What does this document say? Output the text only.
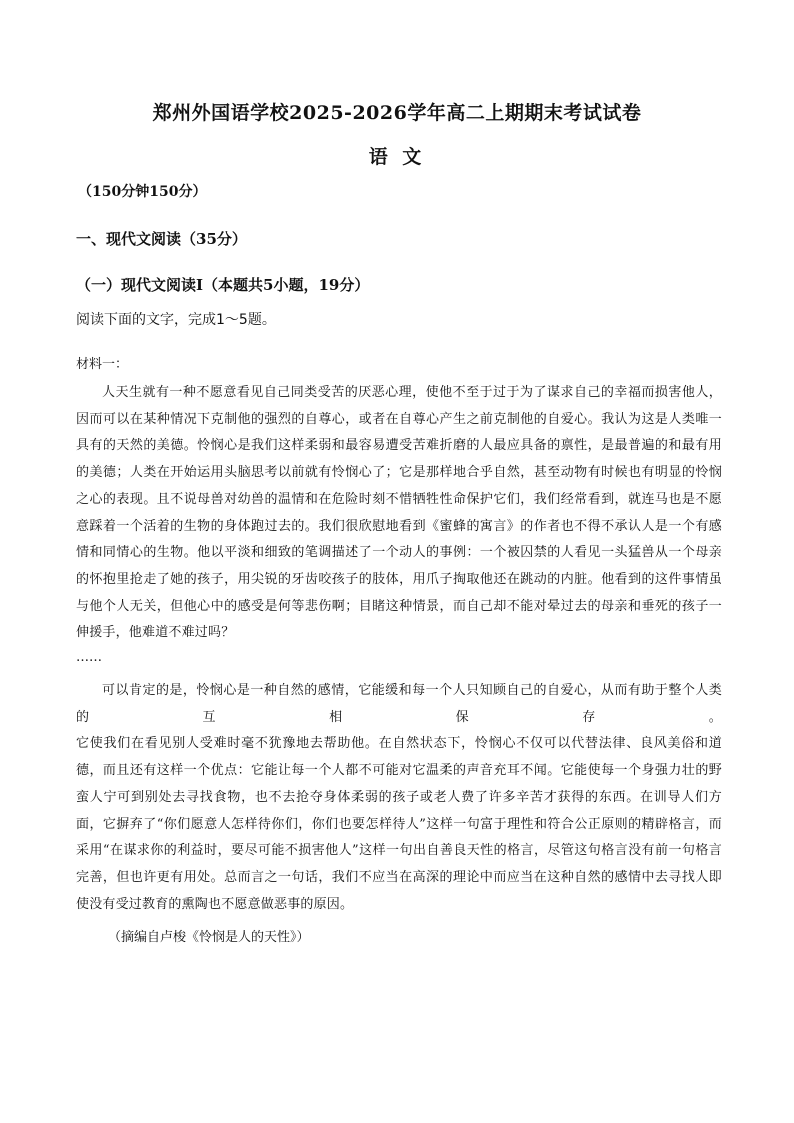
郑州外国语学校2025-2026学年高二上期期末考试试卷
语 文
（150分钟150分）
一、现代文阅读（35分）
（一）现代文阅读Ⅰ（本题共5小题，19分）
阅读下面的文字，完成1～5题。
材料一：

人天生就有一种不愿意看见自己同类受苦的厌恶心理，使他不至于过于为了谋求自己的幸福而损害他人，因而可以在某种情况下克制他的强烈的自尊心，或者在自尊心产生之前克制他的自爱心。我认为这是人类唯一具有的天然的美德。怜悯心是我们这样柔弱和最容易遭受苦难折磨的人最应具备的禀性，是最普遍的和最有用的美德；人类在开始运用头脑思考以前就有怜悯心了；它是那样地合乎自然，甚至动物有时候也有明显的怜悯之心的表现。且不说母兽对幼兽的温情和在危险时刻不惜牺牲性命保护它们，我们经常看到，就连马也是不愿意踩着一个活着的生物的身体跑过去的。我们很欣慰地看到《蜜蜂的寓言》的作者也不得不承认人是一个有感情和同情心的生物。他以平淡和细致的笔调描述了一个动人的事例：一个被囚禁的人看见一头猛兽从一个母亲的怀抱里抢走了她的孩子，用尖锐的牙齿咬孩子的肢体，用爪子掏取他还在跳动的内脏。他看到的这件事情虽与他个人无关，但他心中的感受是何等悲伤啊；目睹这种情景，而自己却不能对晕过去的母亲和垂死的孩子一伸援手，他难道不难过吗？

……
可以肯定的是，怜悯心是一种自然的感情，它能缓和每一个人只知顾自己的自爱心，从而有助于整个人类的互相保存。
它使我们在看见别人受难时毫不犹豫地去帮助他。在自然状态下，怜悯心不仅可以代替法律、良风美俗和道德，而且还有这样一个优点：它能让每一个人都不可能对它温柔的声音充耳不闻。它能使每一个身强力壮的野蛮人宁可到别处去寻找食物，也不去抢夺身体柔弱的孩子或老人费了许多辛苦才获得的东西。在训导人们方面，它摒弃了“你们愿意人怎样待你们，你们也要怎样待人”这样一句富于理性和符合公正原则的精辟格言，而采用“在谋求你的利益时，要尽可能不损害他人”这样一句出自善良天性的格言，尽管这句格言没有前一句格言完善，但也许更有用处。总而言之一句话，我们不应当在高深的理论中而应当在这种自然的感情中去寻找人即使没有受过教育的熏陶也不愿意做恶事的原因。
（摘编自卢梭《怜悯是人的天性》）
